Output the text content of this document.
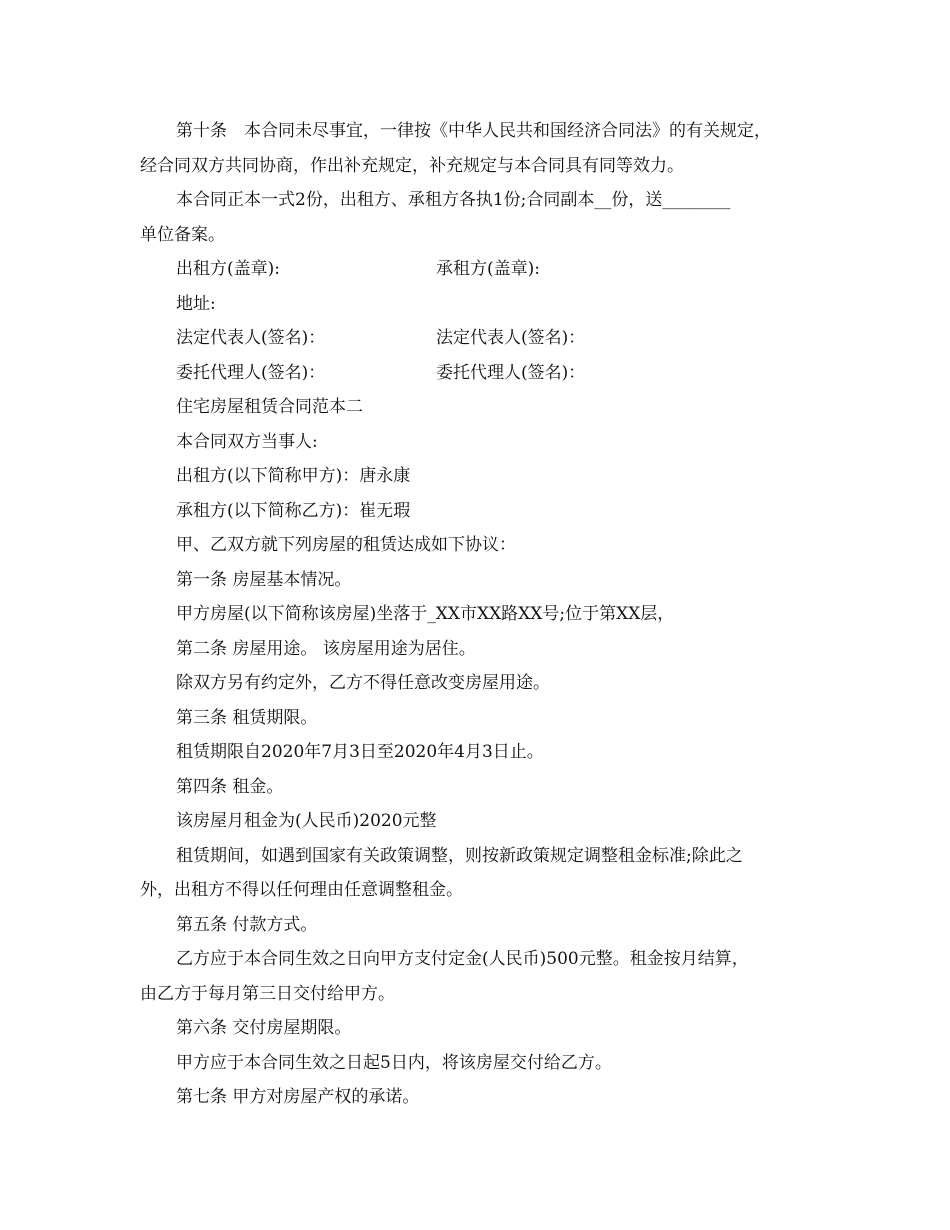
第十条　本合同未尽事宜，一律按《中华人民共和国经济合同法》的有关规定，
经合同双方共同协商，作出补充规定，补充规定与本合同具有同等效力。
本合同正本一式2份，出租方、承租方各执1份;合同副本__份，送________
单位备案。
出租方(盖章):	承租方(盖章):
地址:
法定代表人(签名)：	法定代表人(签名)：
委托代理人(签名)：	委托代理人(签名)：
住宅房屋租赁合同范本二
本合同双方当事人:
出租方(以下简称甲方)：唐永康
承租方(以下简称乙方)：崔无瑕
甲、乙双方就下列房屋的租赁达成如下协议：
第一条 房屋基本情况。
甲方房屋(以下简称该房屋)坐落于_XX市XX路XX号;位于第XX层，
第二条 房屋用途。 该房屋用途为居住。
除双方另有约定外，乙方不得任意改变房屋用途。
第三条 租赁期限。
租赁期限自2020年7月3日至2020年4月3日止。
第四条 租金。
该房屋月租金为(人民币)2020元整
租赁期间，如遇到国家有关政策调整，则按新政策规定调整租金标准;除此之
外，出租方不得以任何理由任意调整租金。
第五条 付款方式。
乙方应于本合同生效之日向甲方支付定金(人民币)500元整。租金按月结算，
由乙方于每月第三日交付给甲方。
第六条 交付房屋期限。
甲方应于本合同生效之日起5日内，将该房屋交付给乙方。
第七条 甲方对房屋产权的承诺。
